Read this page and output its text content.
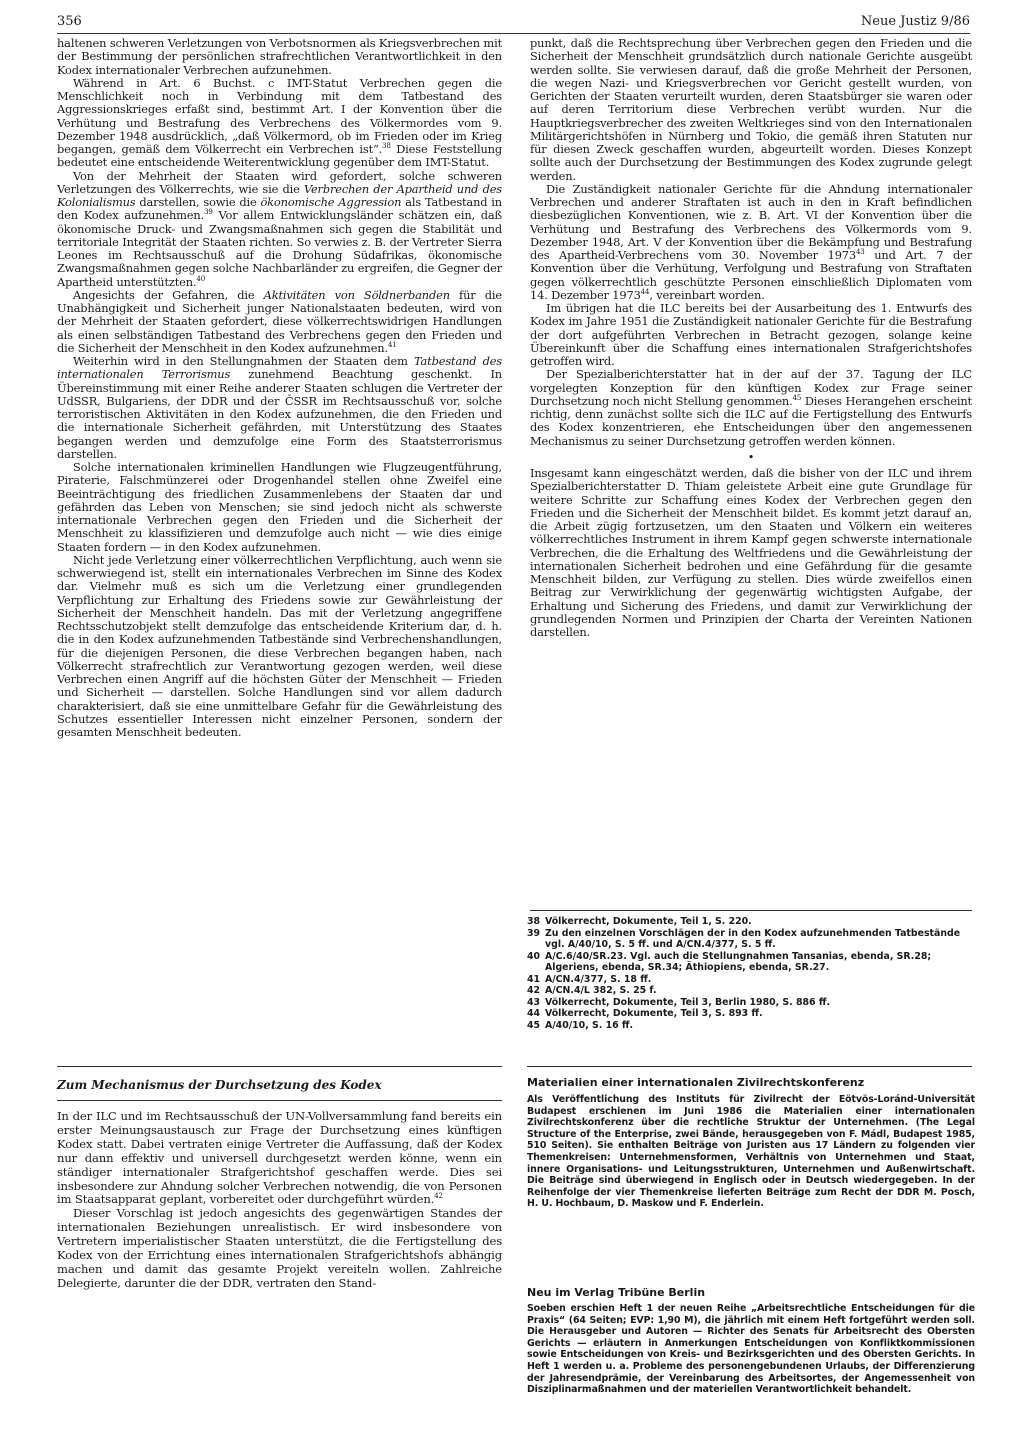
356	Neue Justiz 9/86

haltenen schweren Verletzungen von Verbotsnormen als Kriegsverbrechen mit der Bestimmung der persönlichen strafrechtlichen Verantwortlichkeit in den Kodex internationaler Verbrechen aufzunehmen.

Während in Art. 6 Buchst. c IMT-Statut Verbrechen gegen die Menschlichkeit noch in Verbindung mit dem Tatbestand des Aggressionskrieges erfaßt sind, bestimmt Art. I der Konvention über die Verhütung und Bestrafung des Verbrechens des Völkermordes vom 9. Dezember 1948 ausdrücklich, „daß Völkermord, ob im Frieden oder im Krieg begangen, gemäß dem Völkerrecht ein Verbrechen ist“.$^{38}$ Diese Feststellung bedeutet eine entscheidende Weiterentwicklung gegenüber dem IMT-Statut.

Von der Mehrheit der Staaten wird gefordert, solche schweren Verletzungen des Völkerrechts, wie sie die Verbrechen der Apartheid und des Kolonialismus darstellen, sowie die ökonomische Aggression als Tatbestand in den Kodex aufzunehmen.$^{39}$ Vor allem Entwicklungsländer schätzen ein, daß ökonomische Druck- und Zwangsmaßnahmen sich gegen die Stabilität und territoriale Integrität der Staaten richten. So verwies z. B. der Vertreter Sierra Leones im Rechtsausschuß auf die Drohung Südafrikas, ökonomische Zwangsmaßnahmen gegen solche Nachbarländer zu ergreifen, die Gegner der Apartheid unterstützten.$^{40}$

Angesichts der Gefahren, die Aktivitäten von Söldnerbanden für die Unabhängigkeit und Sicherheit junger Nationalstaaten bedeuten, wird von der Mehrheit der Staaten gefordert, diese völkerrechtswidrigen Handlungen als einen selbständigen Tatbestand des Verbrechens gegen den Frieden und die Sicherheit der Menschheit in den Kodex aufzunehmen.$^{41}$

Weiterhin wird in den Stellungnahmen der Staaten dem Tatbestand des internationalen Terrorismus zunehmend Beachtung geschenkt. In Übereinstimmung mit einer Reihe anderer Staaten schlugen die Vertreter der UdSSR, Bulgariens, der DDR und der ČSSR im Rechtsausschuß vor, solche terroristischen Aktivitäten in den Kodex aufzunehmen, die den Frieden und die internationale Sicherheit gefährden, mit Unterstützung des Staates begangen werden und demzufolge eine Form des Staatsterrorismus darstellen.

Solche internationalen kriminellen Handlungen wie Flugzeugentführung, Piraterie, Falschmünzerei oder Drogenhandel stellen ohne Zweifel eine Beeinträchtigung des friedlichen Zusammenlebens der Staaten dar und gefährden das Leben von Menschen; sie sind jedoch nicht als schwerste internationale Verbrechen gegen den Frieden und die Sicherheit der Menschheit zu klassifizieren und demzufolge auch nicht — wie dies einige Staaten fordern — in den Kodex aufzunehmen.

Nicht jede Verletzung einer völkerrechtlichen Verpflichtung, auch wenn sie schwerwiegend ist, stellt ein internationales Verbrechen im Sinne des Kodex dar. Vielmehr muß es sich um die Verletzung einer grundlegenden Verpflichtung zur Erhaltung des Friedens sowie zur Gewährleistung der Sicherheit der Menschheit handeln. Das mit der Verletzung angegriffene Rechtsschutzobjekt stellt demzufolge das entscheidende Kriterium dar, d. h. die in den Kodex aufzunehmenden Tatbestände sind Verbrechenshandlungen, für die diejenigen Personen, die diese Verbrechen begangen haben, nach Völkerrecht strafrechtlich zur Verantwortung gezogen werden, weil diese Verbrechen einen Angriff auf die höchsten Güter der Menschheit — Frieden und Sicherheit — darstellen. Solche Handlungen sind vor allem dadurch charakterisiert, daß sie eine unmittelbare Gefahr für die Gewährleistung des Schutzes essentieller Interessen nicht einzelner Personen, sondern der gesamten Menschheit bedeuten.

punkt, daß die Rechtsprechung über Verbrechen gegen den Frieden und die Sicherheit der Menschheit grundsätzlich durch nationale Gerichte ausgeübt werden sollte. Sie verwiesen darauf, daß die große Mehrheit der Personen, die wegen Nazi- und Kriegsverbrechen vor Gericht gestellt wurden, von Gerichten der Staaten verurteilt wurden, deren Staatsbürger sie waren oder auf deren Territorium diese Verbrechen verübt wurden. Nur die Hauptkriegsverbrecher des zweiten Weltkrieges sind von den Internationalen Militärgerichtshöfen in Nürnberg und Tokio, die gemäß ihren Statuten nur für diesen Zweck geschaffen wurden, abgeurteilt worden. Dieses Konzept sollte auch der Durchsetzung der Bestimmungen des Kodex zugrunde gelegt werden.

Die Zuständigkeit nationaler Gerichte für die Ahndung internationaler Verbrechen und anderer Straftaten ist auch in den in Kraft befindlichen diesbezüglichen Konventionen, wie z. B. Art. VI der Konvention über die Verhütung und Bestrafung des Verbrechens des Völkermords vom 9. Dezember 1948, Art. V der Konvention über die Bekämpfung und Bestrafung des Apartheid-Verbrechens vom 30. November 1973$^{43}$ und Art. 7 der Konvention über die Verhütung, Verfolgung und Bestrafung von Straftaten gegen völkerrechtlich geschützte Personen einschließlich Diplomaten vom 14. Dezember 1973$^{44}$, vereinbart worden.

Im übrigen hat die ILC bereits bei der Ausarbeitung des 1. Entwurfs des Kodex im Jahre 1951 die Zuständigkeit nationaler Gerichte für die Bestrafung der dort aufgeführten Verbrechen in Betracht gezogen, solange keine Übereinkunft über die Schaffung eines internationalen Strafgerichtshofes getroffen wird.

Der Spezialberichterstatter hat in der auf der 37. Tagung der ILC vorgelegten Konzeption für den künftigen Kodex zur Frage seiner Durchsetzung noch nicht Stellung genommen.$^{45}$ Dieses Herangehen erscheint richtig, denn zunächst sollte sich die ILC auf die Fertigstellung des Entwurfs des Kodex konzentrieren, ehe Entscheidungen über den angemessenen Mechanismus zu seiner Durchsetzung getroffen werden können.

•

Insgesamt kann eingeschätzt werden, daß die bisher von der ILC und ihrem Spezialberichterstatter D. Thiam geleistete Arbeit eine gute Grundlage für weitere Schritte zur Schaffung eines Kodex der Verbrechen gegen den Frieden und die Sicherheit der Menschheit bildet. Es kommt jetzt darauf an, die Arbeit zügig fortzusetzen, um den Staaten und Völkern ein weiteres völkerrechtliches Instrument in ihrem Kampf gegen schwerste internationale Verbrechen, die die Erhaltung des Weltfriedens und die Gewährleistung der internationalen Sicherheit bedrohen und eine Gefährdung für die gesamte Menschheit bilden, zur Verfügung zu stellen. Dies würde zweifellos einen Beitrag zur Verwirklichung der gegenwärtig wichtigsten Aufgabe, der Erhaltung und Sicherung des Friedens, und damit zur Verwirklichung der grundlegenden Normen und Prinzipien der Charta der Vereinten Nationen darstellen.

38 Völkerrecht, Dokumente, Teil 1, S. 220.
39 Zu den einzelnen Vorschlägen der in den Kodex aufzunehmenden Tatbestände vgl. A/40/10, S. 5 ff. und A/CN.4/377, S. 5 ff.
40 A/C.6/40/SR.23. Vgl. auch die Stellungnahmen Tansanias, ebenda, SR.28; Algeriens, ebenda, SR.34; Äthiopiens, ebenda, SR.27.
41 A/CN.4/377, S. 18 ff.
42 A/CN.4/L 382, S. 25 f.
43 Völkerrecht, Dokumente, Teil 3, Berlin 1980, S. 886 ff.
44 Völkerrecht, Dokumente, Teil 3, S. 893 ff.
45 A/40/10, S. 16 ff.
Zum Mechanismus der Durchsetzung des Kodex

In der ILC und im Rechtsausschuß der UN-Vollversammlung fand bereits ein erster Meinungsaustausch zur Frage der Durchsetzung eines künftigen Kodex statt. Dabei vertraten einige Vertreter die Auffassung, daß der Kodex nur dann effektiv und universell durchgesetzt werden könne, wenn ein ständiger internationaler Strafgerichtshof geschaffen werde. Dies sei insbesondere zur Ahndung solcher Verbrechen notwendig, die von Personen im Staatsapparat geplant, vorbereitet oder durchgeführt würden.$^{42}$

Dieser Vorschlag ist jedoch angesichts des gegenwärtigen Standes der internationalen Beziehungen unrealistisch. Er wird insbesondere von Vertretern imperialistischer Staaten unterstützt, die die Fertigstellung des Kodex von der Errichtung eines internationalen Strafgerichtshofs abhängig machen und damit das gesamte Projekt vereiteln wollen. Zahlreiche Delegierte, darunter die der DDR, vertraten den Stand-

Materialien einer internationalen Zivilrechtskonferenz
Als Veröffentlichung des Instituts für Zivilrecht der Eötvös-Loránd-Universität Budapest erschienen im Juni 1986 die Materialien einer internationalen Zivilrechtskonferenz über die rechtliche Struktur der Unternehmen. (The Legal Structure of the Enterprise, zwei Bände, herausgegeben von F. Mádl, Budapest 1985, 510 Seiten). Sie enthalten Beiträge von Juristen aus 17 Ländern zu folgenden vier Themenkreisen: Unternehmensformen, Verhältnis von Unternehmen und Staat, innere Organisations- und Leitungsstrukturen, Unternehmen und Außenwirtschaft. Die Beiträge sind überwiegend in Englisch oder in Deutsch wiedergegeben. In der Reihenfolge der vier Themenkreise lieferten Beiträge zum Recht der DDR M. Posch, H. U. Hochbaum, D. Maskow und F. Enderlein.
Neu im Verlag Tribüne Berlin
Soeben erschien Heft 1 der neuen Reihe „Arbeitsrechtliche Entscheidungen für die Praxis“ (64 Seiten; EVP: 1,90 M), die jährlich mit einem Heft fortgeführt werden soll. Die Herausgeber und Autoren — Richter des Senats für Arbeitsrecht des Obersten Gerichts — erläutern in Anmerkungen Entscheidungen von Konfliktkommissionen sowie Entscheidungen von Kreis- und Bezirksgerichten und des Obersten Gerichts. In Heft 1 werden u. a. Probleme des personengebundenen Urlaubs, der Differenzierung der Jahresendprämie, der Vereinbarung des Arbeitsortes, der Angemessenheit von Disziplinarmaßnahmen und der materiellen Verantwortlichkeit behandelt.
